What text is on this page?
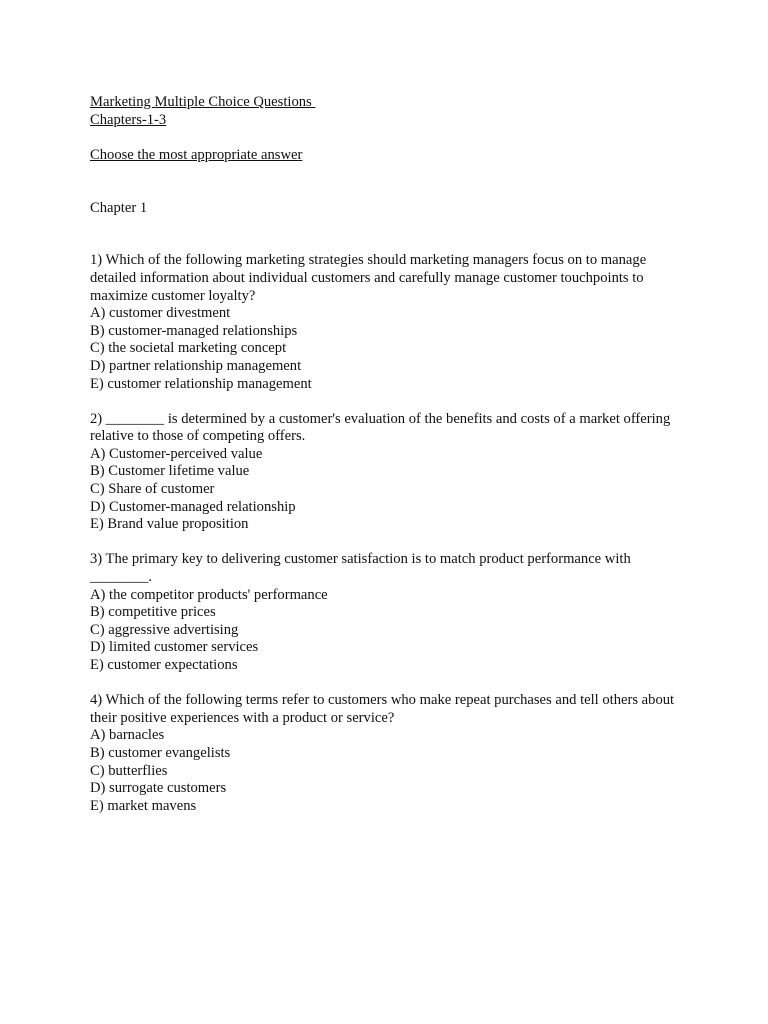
Marketing Multiple Choice Questions
Chapters-1-3
Choose the most appropriate answer
Chapter 1

1) Which of the following marketing strategies should marketing managers focus on to manage detailed information about individual customers and carefully manage customer touchpoints to maximize customer loyalty?

A) customer divestment
B) customer-managed relationships
C) the societal marketing concept
D) partner relationship management
E) customer relationship management

2) ________ is determined by a customer's evaluation of the benefits and costs of a market offering relative to those of competing offers.

A) Customer-perceived value
B) Customer lifetime value
C) Share of customer
D) Customer-managed relationship
E) Brand value proposition

3) The primary key to delivering customer satisfaction is to match product performance with ________.

A) the competitor products' performance
B) competitive prices
C) aggressive advertising
D) limited customer services
E) customer expectations

4) Which of the following terms refer to customers who make repeat purchases and tell others about their positive experiences with a product or service?

A) barnacles
B) customer evangelists
C) butterflies
D) surrogate customers
E) market mavens
